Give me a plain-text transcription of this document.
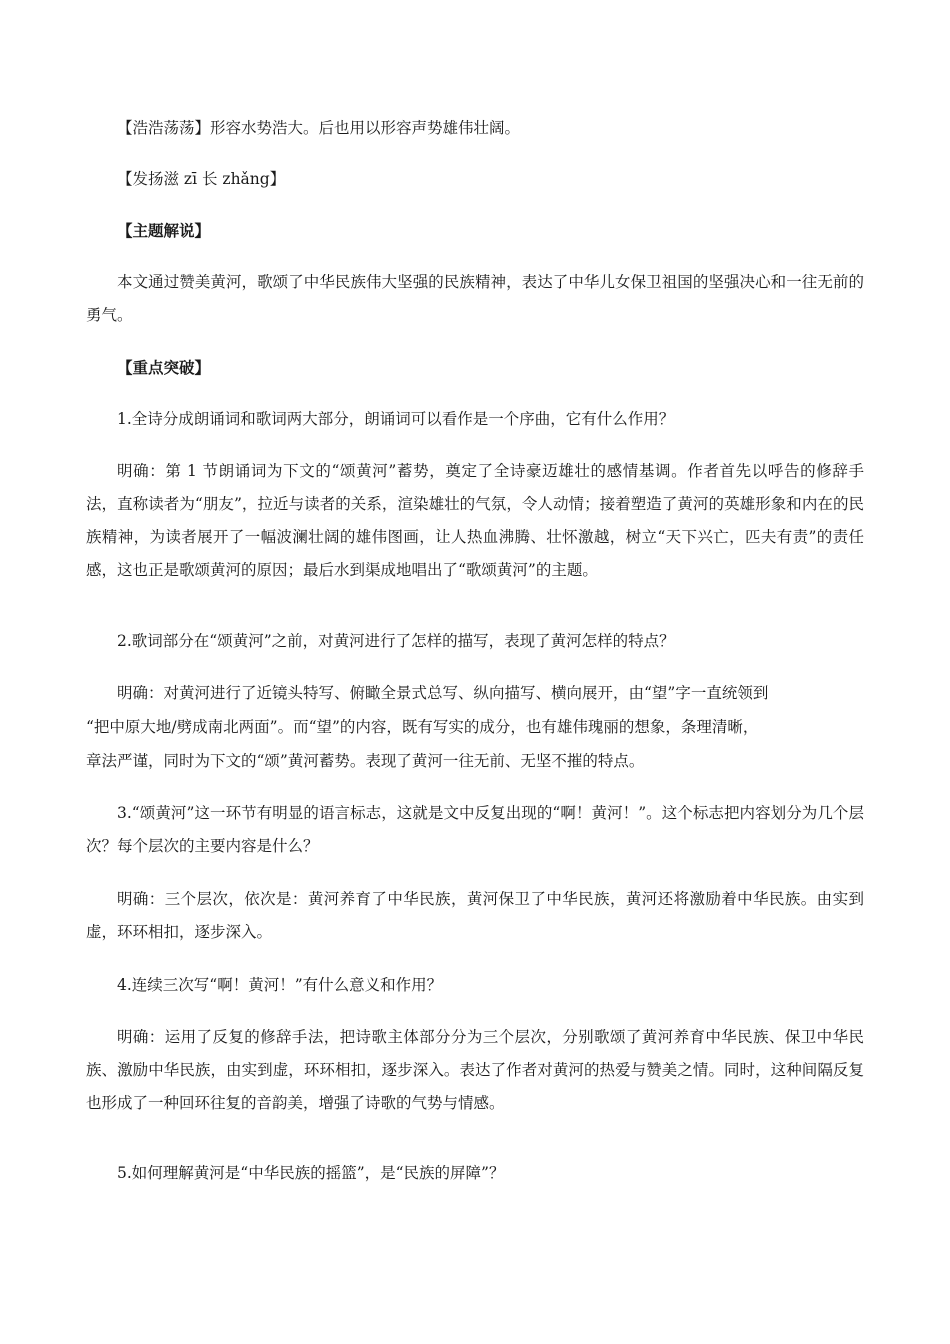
【浩浩荡荡】形容水势浩大。后也用以形容声势雄伟壮阔。

【发扬滋 zī 长 zhǎng】

【主题解说】

本文通过赞美黄河，歌颂了中华民族伟大坚强的民族精神，表达了中华儿女保卫祖国的坚强决心和一往无前的勇气。

【重点突破】

1.全诗分成朗诵词和歌词两大部分，朗诵词可以看作是一个序曲，它有什么作用？

明确：第 1 节朗诵词为下文的“颂黄河”蓄势，奠定了全诗豪迈雄壮的感情基调。作者首先以呼告的修辞手法，直称读者为“朋友”，拉近与读者的关系，渲染雄壮的气氛，令人动情；接着塑造了黄河的英雄形象和内在的民族精神，为读者展开了一幅波澜壮阔的雄伟图画，让人热血沸腾、壮怀激越，树立“天下兴亡，匹夫有责”的责任感，这也正是歌颂黄河的原因；最后水到渠成地唱出了“歌颂黄河”的主题。

2.歌词部分在“颂黄河”之前，对黄河进行了怎样的描写，表现了黄河怎样的特点？

明确：对黄河进行了近镜头特写、俯瞰全景式总写、纵向描写、横向展开，由“望”字一直统领到

“把中原大地/劈成南北两面”。而“望”的内容，既有写实的成分，也有雄伟瑰丽的想象，条理清晰，

章法严谨，同时为下文的“颂”黄河蓄势。表现了黄河一往无前、无坚不摧的特点。

3.“颂黄河”这一环节有明显的语言标志，这就是文中反复出现的“啊！黄河！”。这个标志把内容划分为几个层次？每个层次的主要内容是什么？

明确：三个层次，依次是：黄河养育了中华民族，黄河保卫了中华民族，黄河还将激励着中华民族。由实到虚，环环相扣，逐步深入。

4.连续三次写“啊！黄河！”有什么意义和作用？

明确：运用了反复的修辞手法，把诗歌主体部分分为三个层次，分别歌颂了黄河养育中华民族、保卫中华民族、激励中华民族，由实到虚，环环相扣，逐步深入。表达了作者对黄河的热爱与赞美之情。同时，这种间隔反复也形成了一种回环往复的音韵美，增强了诗歌的气势与情感。

5.如何理解黄河是“中华民族的摇篮”，是“民族的屏障”？
